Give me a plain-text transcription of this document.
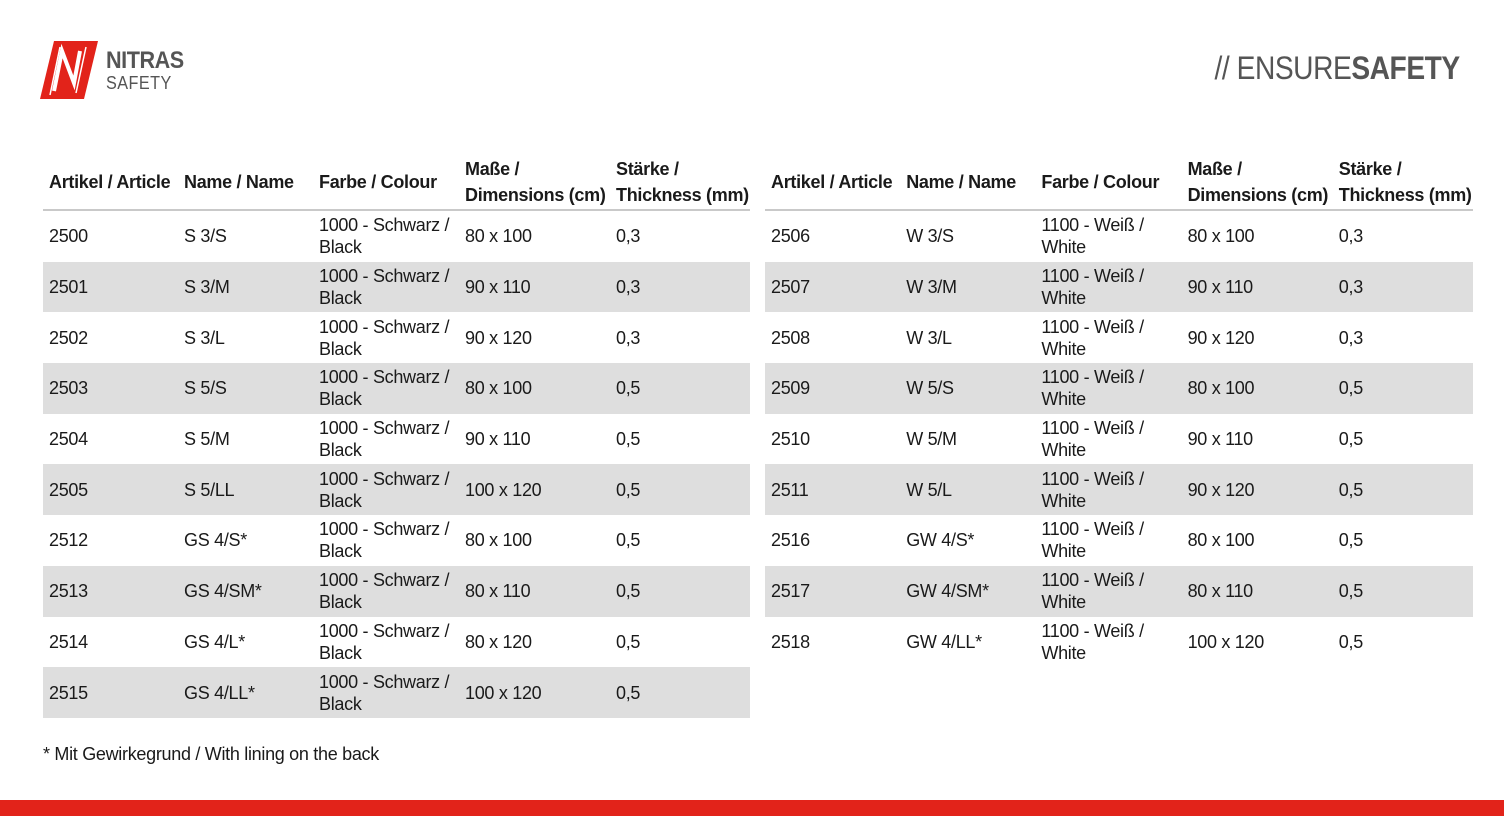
NITRAS
SAFETY	// ENSURESAFETY
Artikel / Article	Name / Name	Farbe / Colour	Maße /
Dimensions (cm)	Stärke /
Thickness (mm)
2500	S 3/S	1000 - Schwarz /
Black	80 x 100	0,3
2501	S 3/M	1000 - Schwarz /
Black	90 x 110	0,3
2502	S 3/L	1000 - Schwarz /
Black	90 x 120	0,3
2503	S 5/S	1000 - Schwarz /
Black	80 x 100	0,5
2504	S 5/M	1000 - Schwarz /
Black	90 x 110	0,5
2505	S 5/LL	1000 - Schwarz /
Black	100 x 120	0,5
2512	GS 4/S*	1000 - Schwarz /
Black	80 x 100	0,5
2513	GS 4/SM*	1000 - Schwarz /
Black	80 x 110	0,5
2514	GS 4/L*	1000 - Schwarz /
Black	80 x 120	0,5
2515	GS 4/LL*	1000 - Schwarz /
Black	100 x 120	0,5
Artikel / Article	Name / Name	Farbe / Colour	Maße /
Dimensions (cm)	Stärke /
Thickness (mm)
2506	W 3/S	1100 - Weiß /
White	80 x 100	0,3
2507	W 3/M	1100 - Weiß /
White	90 x 110	0,3
2508	W 3/L	1100 - Weiß /
White	90 x 120	0,3
2509	W 5/S	1100 - Weiß /
White	80 x 100	0,5
2510	W 5/M	1100 - Weiß /
White	90 x 110	0,5
2511	W 5/L	1100 - Weiß /
White	90 x 120	0,5
2516	GW 4/S*	1100 - Weiß /
White	80 x 100	0,5
2517	GW 4/SM*	1100 - Weiß /
White	80 x 110	0,5
2518	GW 4/LL*	1100 - Weiß /
White	100 x 120	0,5
* Mit Gewirkegrund / With lining on the back
